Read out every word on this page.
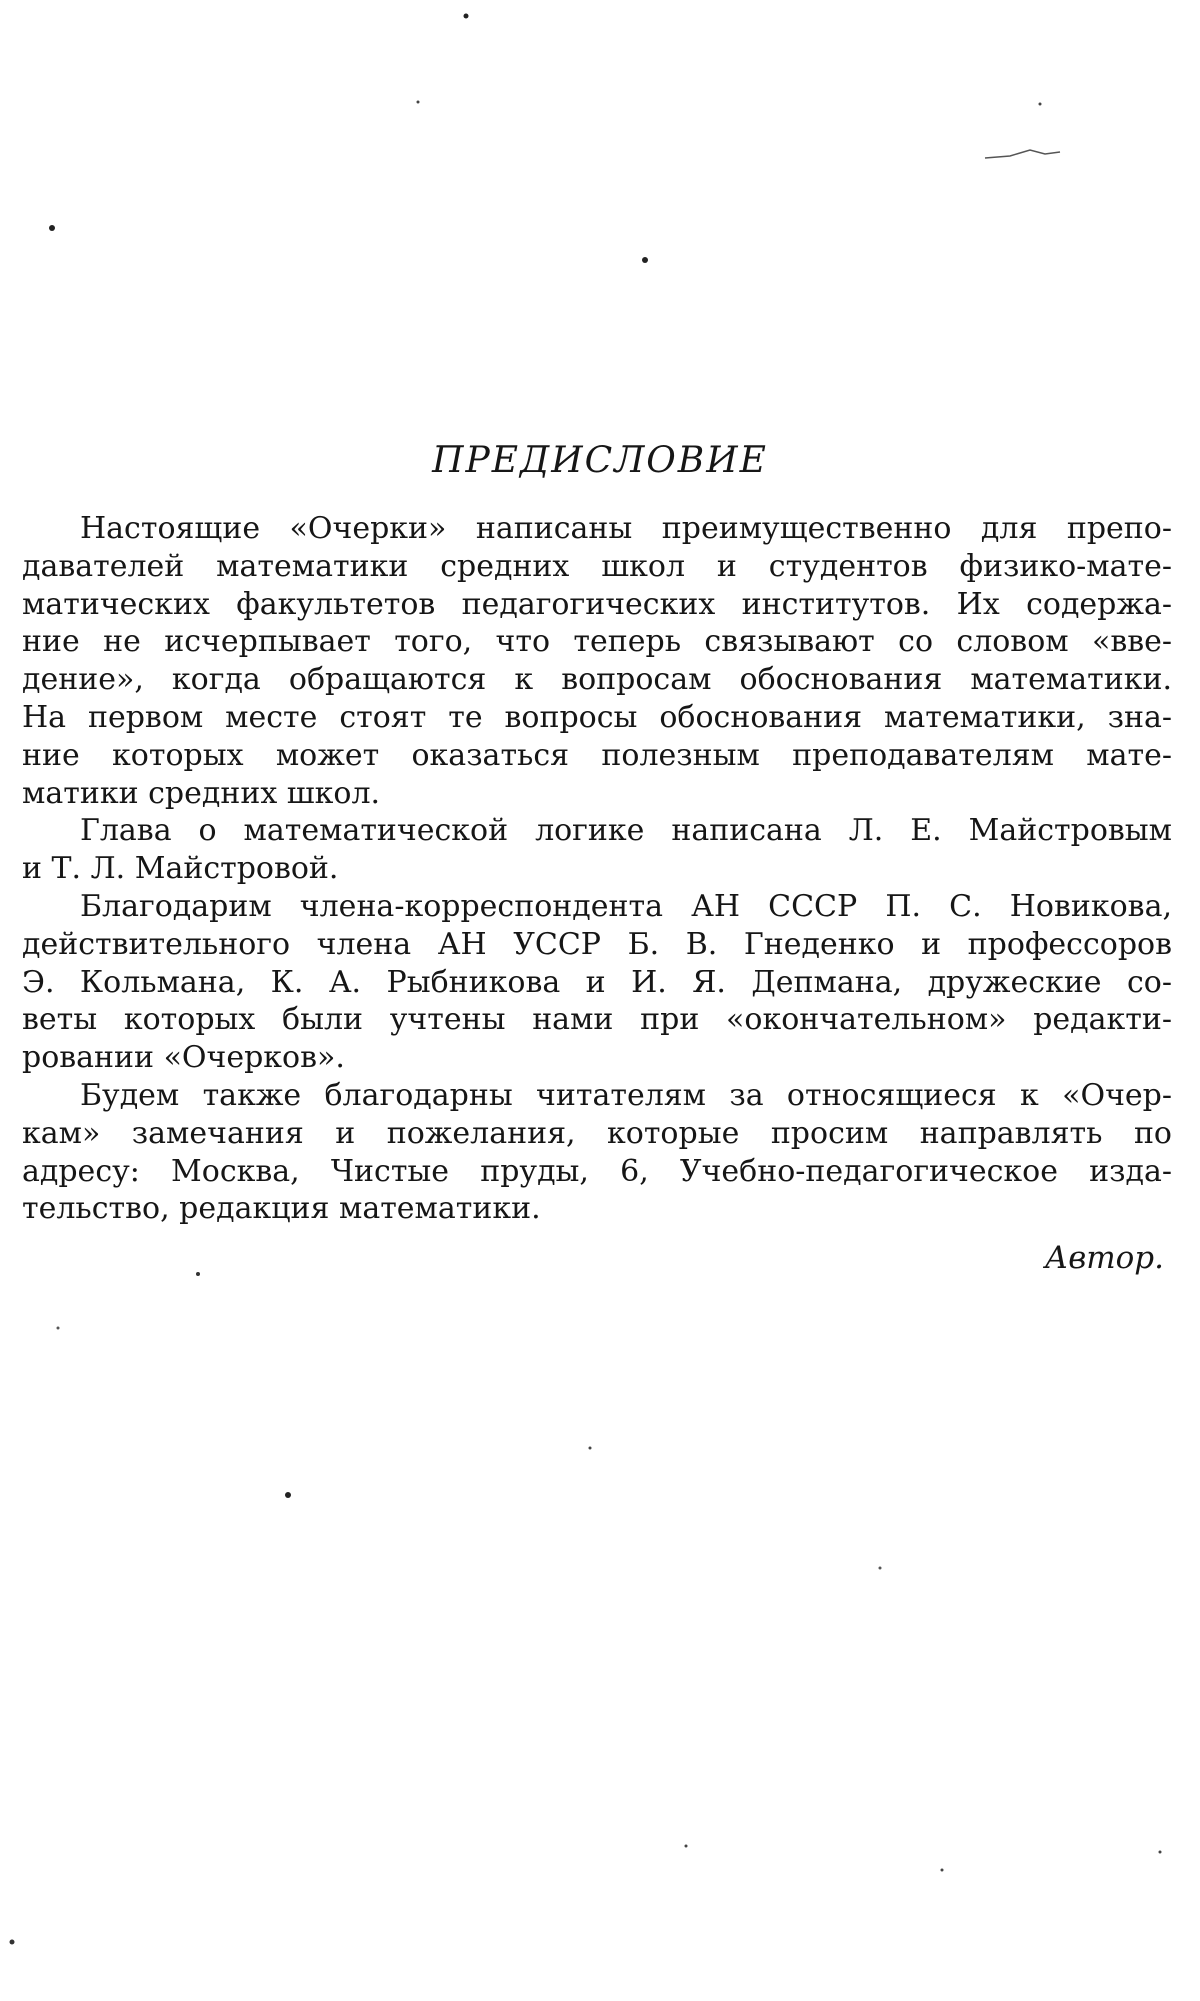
ПРЕДИСЛОВИЕ
Настоящие «Очерки» написаны преимущественно для препо-
давателей математики средних школ и студентов физико-мате-
матических факультетов педагогических институтов. Их содержа-
ние не исчерпывает того, что теперь связывают со словом «вве-
дение», когда обращаются к вопросам обоснования математики.
На первом месте стоят те вопросы обоснования математики, зна-
ние которых может оказаться полезным преподавателям мате-
матики средних школ.
Глава о математической логике написана Л. Е. Майстровым
и Т. Л. Майстровой.
Благодарим члена-корреспондента АН СССР П. С. Новикова,
действительного члена АН УССР Б. В. Гнеденко и профессоров
Э. Кольмана, К. А. Рыбникова и И. Я. Депмана, дружеские со-
веты которых были учтены нами при «окончательном» редакти-
ровании «Очерков».
Будем также благодарны читателям за относящиеся к «Очер-
кам» замечания и пожелания, которые просим направлять по
адресу: Москва, Чистые пруды, 6, Учебно-педагогическое изда-
тельство, редакция математики.
Автор.
